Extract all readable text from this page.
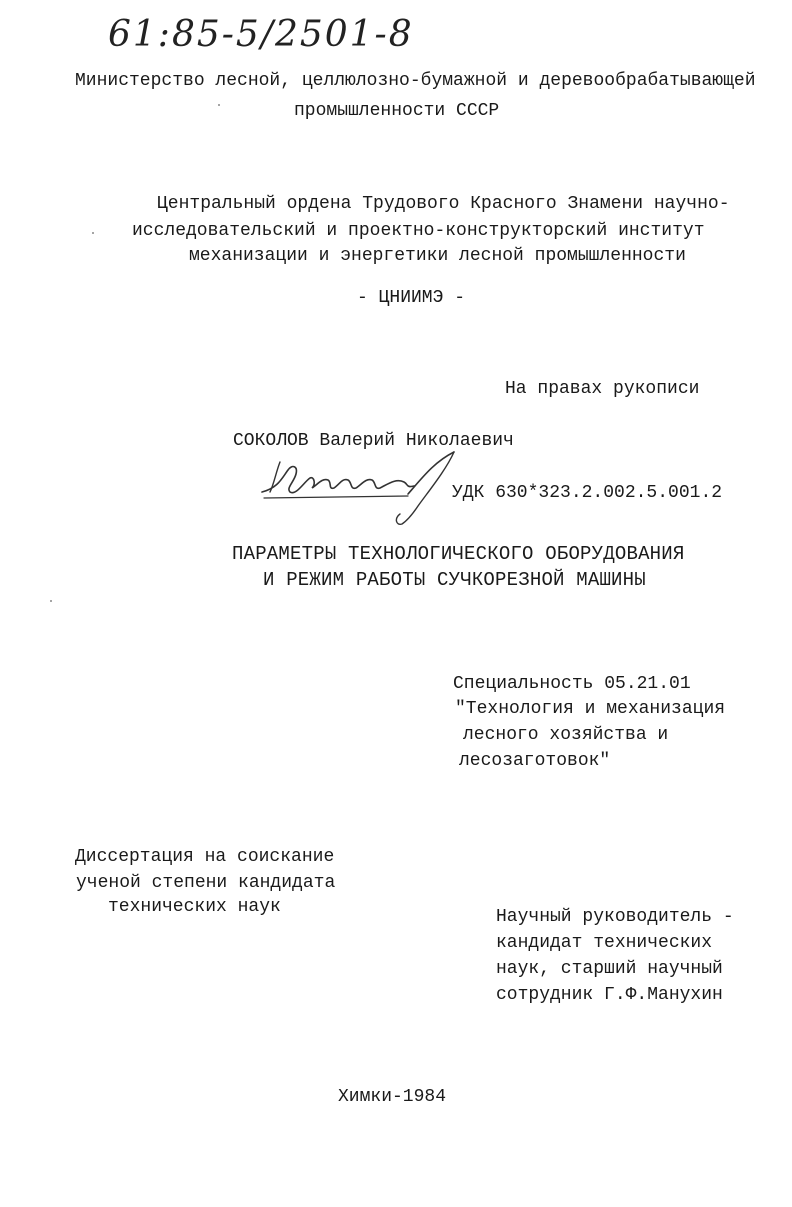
61:85-5/2501-8
Министерство лесной, целлюлозно-бумажной и деревообрабатывающей
промышленности СССР
Центральный ордена Трудового Красного Знамени научно-
исследовательский и проектно-конструкторский институт
механизации и энергетики лесной промышленности
- ЦНИИМЭ -
На правах рукописи
СОКОЛОВ Валерий Николаевич
УДК 630*323.2.002.5.001.2
ПАРАМЕТРЫ ТЕХНОЛОГИЧЕСКОГО ОБОРУДОВАНИЯ
И РЕЖИМ РАБОТЫ СУЧКОРЕЗНОЙ МАШИНЫ
Специальность 05.21.01
"Технология и механизация
лесного хозяйства и
лесозаготовок"
Диссертация на соискание
ученой степени кандидата
технических наук	Научный руководитель -
кандидат технических
наук, старший научный
сотрудник Г.Ф.Манухин
Химки-1984
